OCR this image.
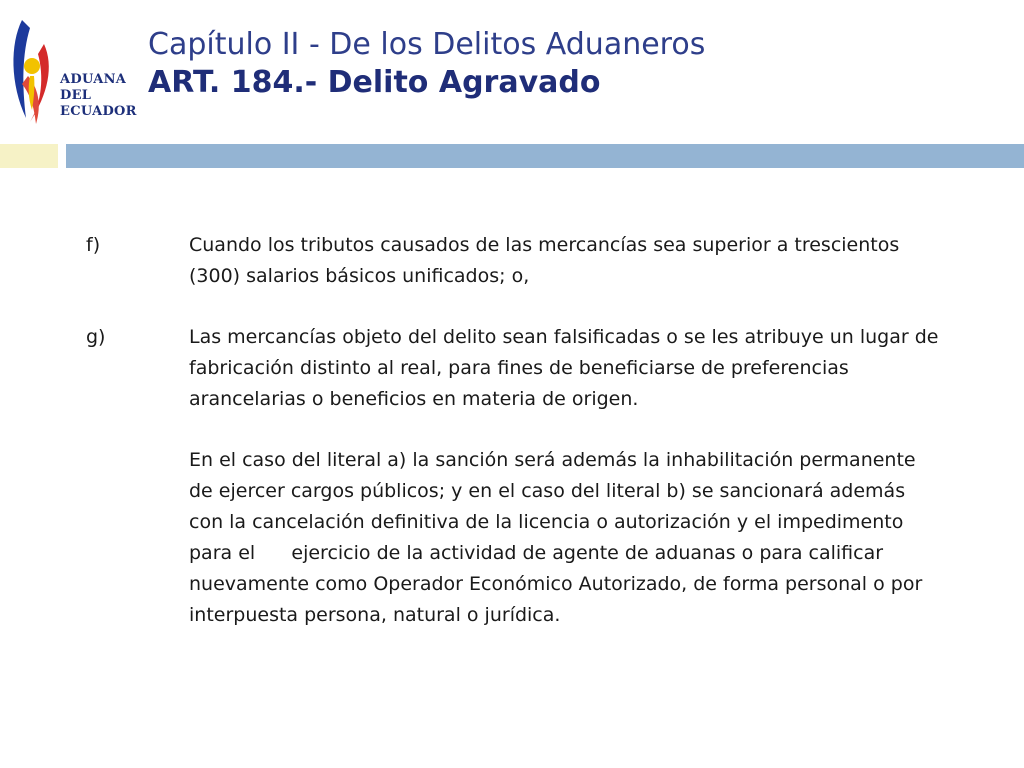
ADUANA
DEL
ECUADOR
Capítulo II - De los Delitos Aduaneros
ART. 184.- Delito Agravado
f)	Cuando los tributos causados de las mercancías sea superior a trescientos
(300) salarios básicos unificados; o,
g)	Las mercancías objeto del delito sean falsificadas o se les atribuye un lugar de
fabricación distinto al real, para fines de beneficiarse de preferencias
arancelarias o beneficios en materia de origen.
En el caso del literal a) la sanción será además la inhabilitación permanente
de ejercer cargos públicos; y en el caso del literal b) se sancionará además
con la cancelación definitiva de la licencia o autorización y el impedimento
para el      ejercicio de la actividad de agente de aduanas o para calificar
nuevamente como Operador Económico Autorizado, de forma personal o por
interpuesta persona, natural o jurídica.
